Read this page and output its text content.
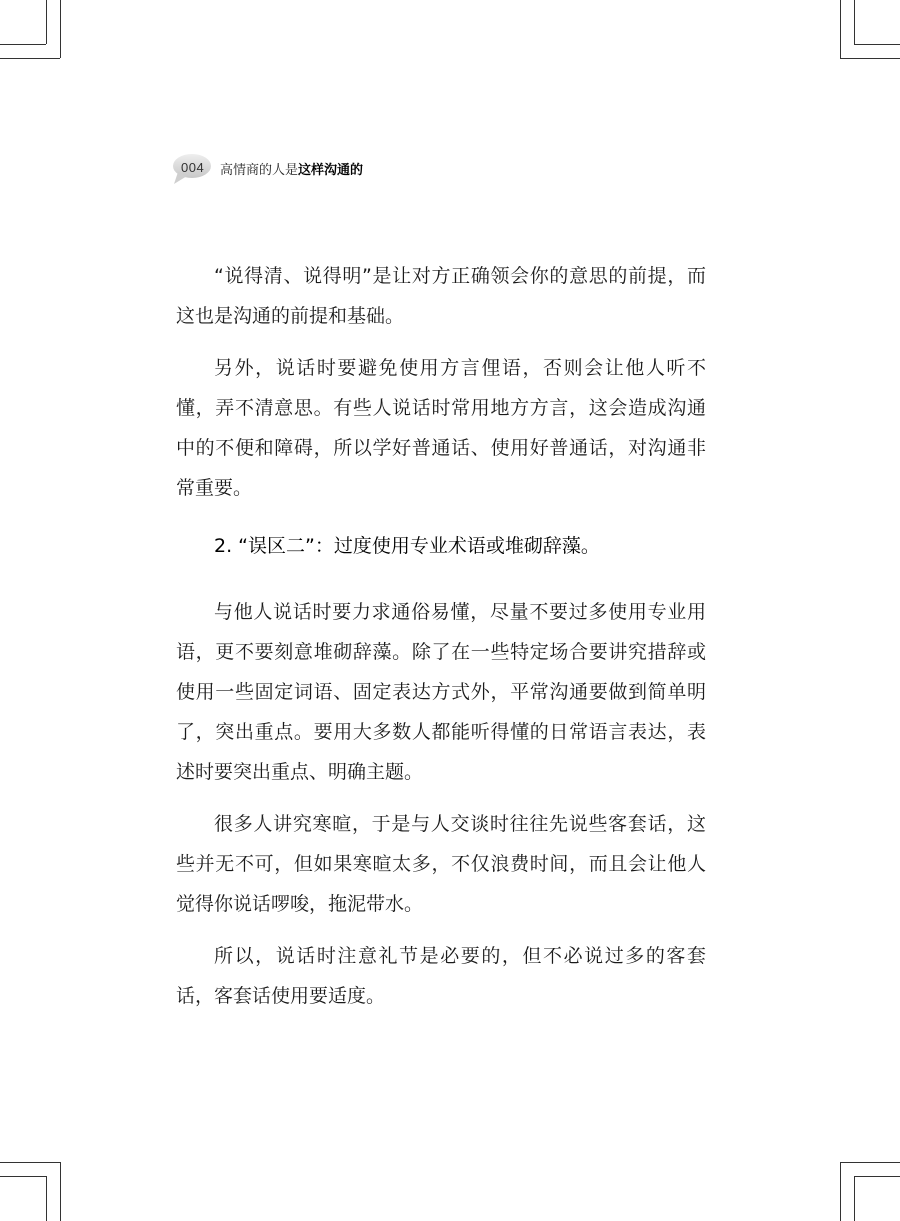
004 高情商的人是这样沟通的

“说得清、说得明”是让对方正确领会你的意思的前提，而这也是沟通的前提和基础。

另外，说话时要避免使用方言俚语，否则会让他人听不懂，弄不清意思。有些人说话时常用地方方言，这会造成沟通中的不便和障碍，所以学好普通话、使用好普通话，对沟通非常重要。

2. “误区二”：过度使用专业术语或堆砌辞藻。

与他人说话时要力求通俗易懂，尽量不要过多使用专业用语，更不要刻意堆砌辞藻。除了在一些特定场合要讲究措辞或使用一些固定词语、固定表达方式外，平常沟通要做到简单明了，突出重点。要用大多数人都能听得懂的日常语言表达，表述时要突出重点、明确主题。

很多人讲究寒暄，于是与人交谈时往往先说些客套话，这些并无不可，但如果寒暄太多，不仅浪费时间，而且会让他人觉得你说话啰唆，拖泥带水。

所以，说话时注意礼节是必要的，但不必说过多的客套话，客套话使用要适度。
